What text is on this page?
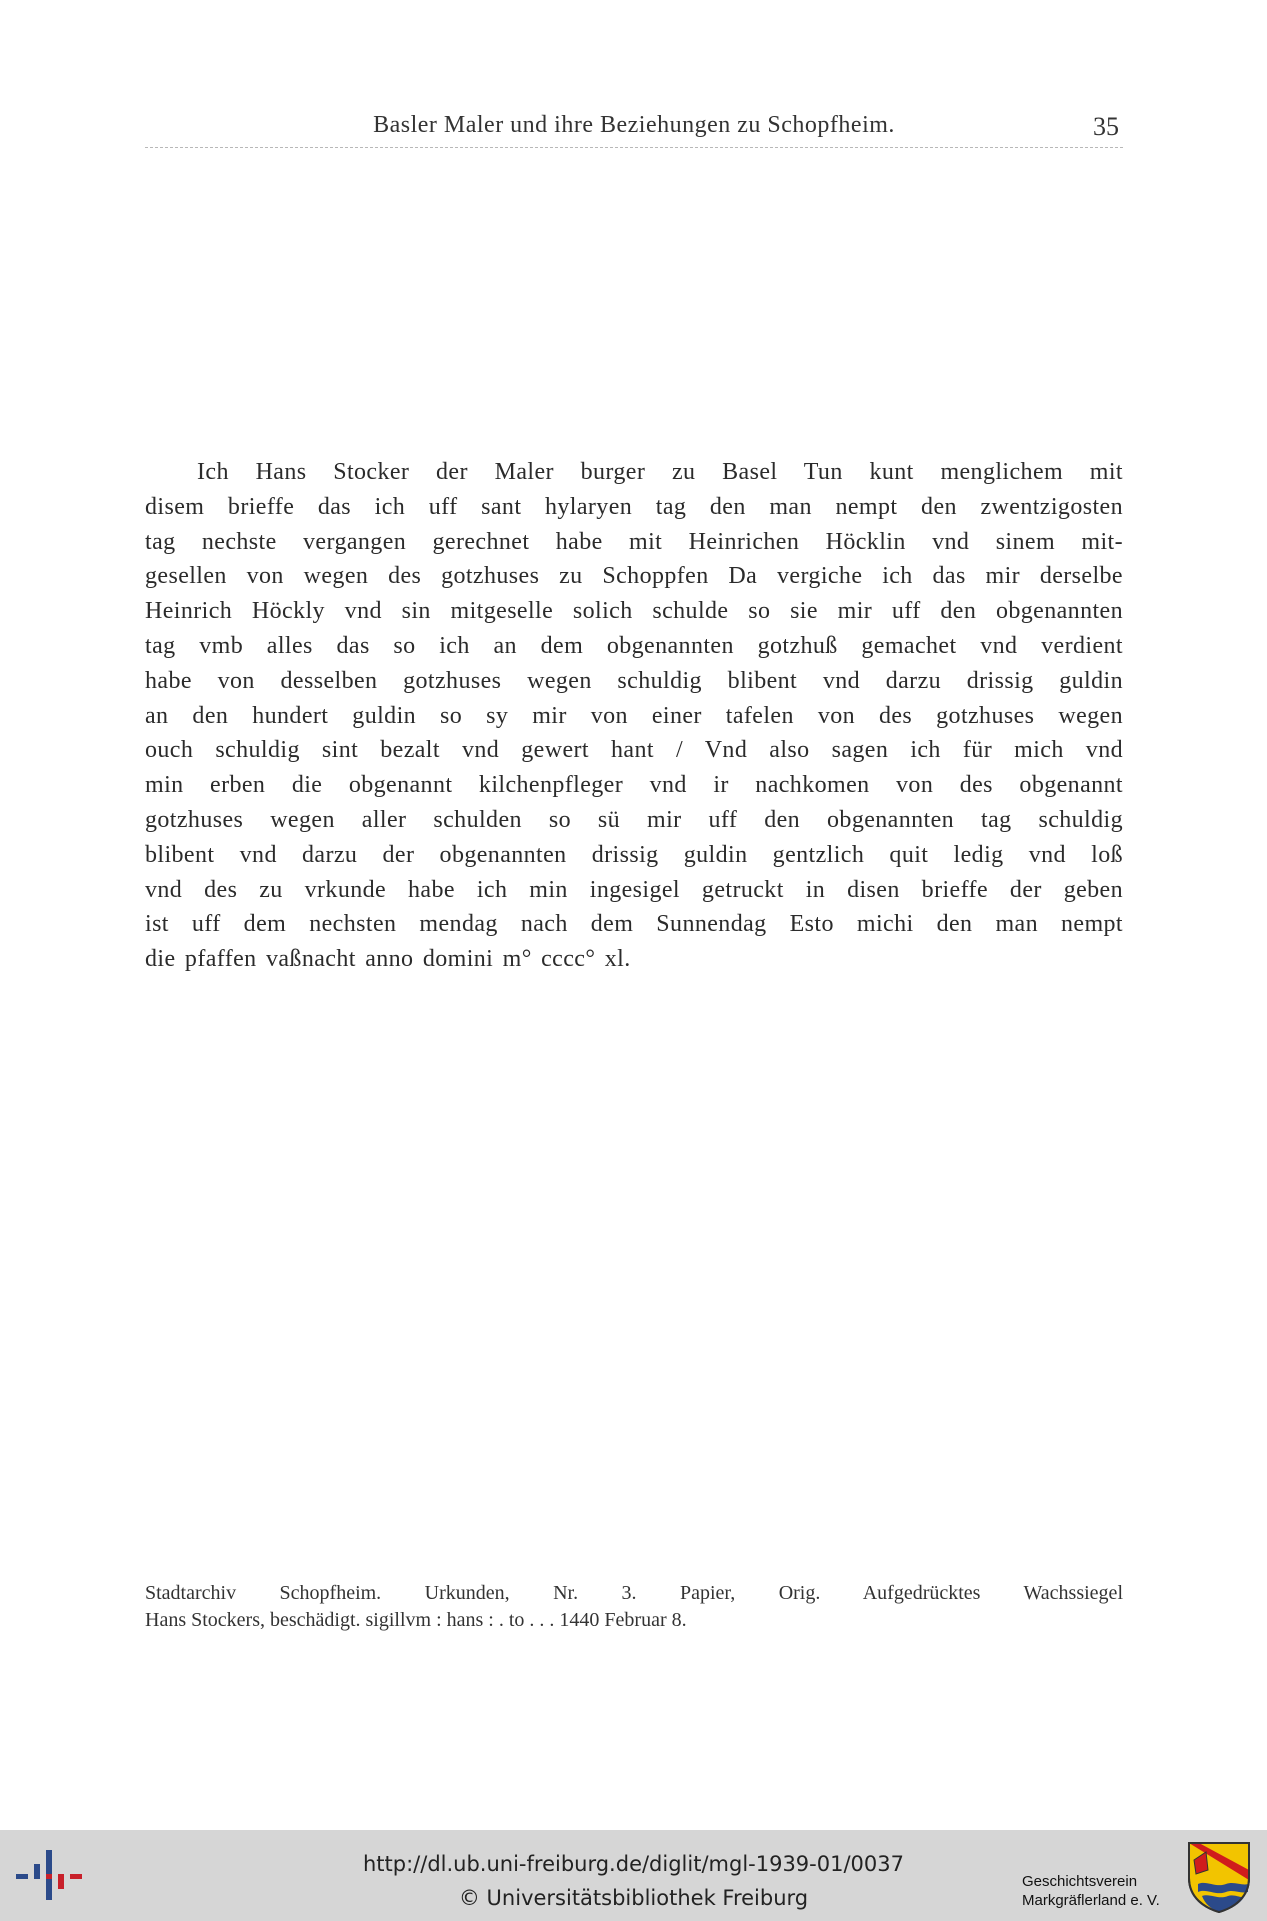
Basler Maler und ihre Beziehungen zu Schopfheim.	35
Ich Hans Stocker der Maler burger zu Basel Tun kunt menglichem mit
disem brieffe das ich uff sant hylaryen tag den man nempt den zwentzigosten
tag nechste vergangen gerechnet habe mit Heinrichen Höcklin vnd sinem mit-
gesellen von wegen des gotzhuses zu Schoppfen Da vergiche ich das mir derselbe
Heinrich Höckly vnd sin mitgeselle solich schulde so sie mir uff den obgenannten
tag vmb alles das so ich an dem obgenannten gotzhuß gemachet vnd verdient
habe von desselben gotzhuses wegen schuldig blibent vnd darzu drissig guldin
an den hundert guldin so sy mir von einer tafelen von des gotzhuses wegen
ouch schuldig sint bezalt vnd gewert hant / Vnd also sagen ich für mich vnd
min erben die obgenannt kilchenpfleger vnd ir nachkomen von des obgenannt
gotzhuses wegen aller schulden so sü mir uff den obgenannten tag schuldig
blibent vnd darzu der obgenannten drissig guldin gentzlich quit ledig vnd loß
vnd des zu vrkunde habe ich min ingesigel getruckt in disen brieffe der geben
ist uff dem nechsten mendag nach dem Sunnendag Esto michi den man nempt
die pfaffen vaßnacht anno domini m° cccc° xl.
Stadtarchiv Schopfheim. Urkunden, Nr. 3. Papier, Orig. Aufgedrücktes Wachssiegel
Hans Stockers, beschädigt. sigillvm : hans : . to . . . 1440 Februar 8.
http://dl.ub.uni-freiburg.de/diglit/mgl-1939-01/0037
© Universitätsbibliothek Freiburg
Geschichtsverein
Markgräflerland e. V.
